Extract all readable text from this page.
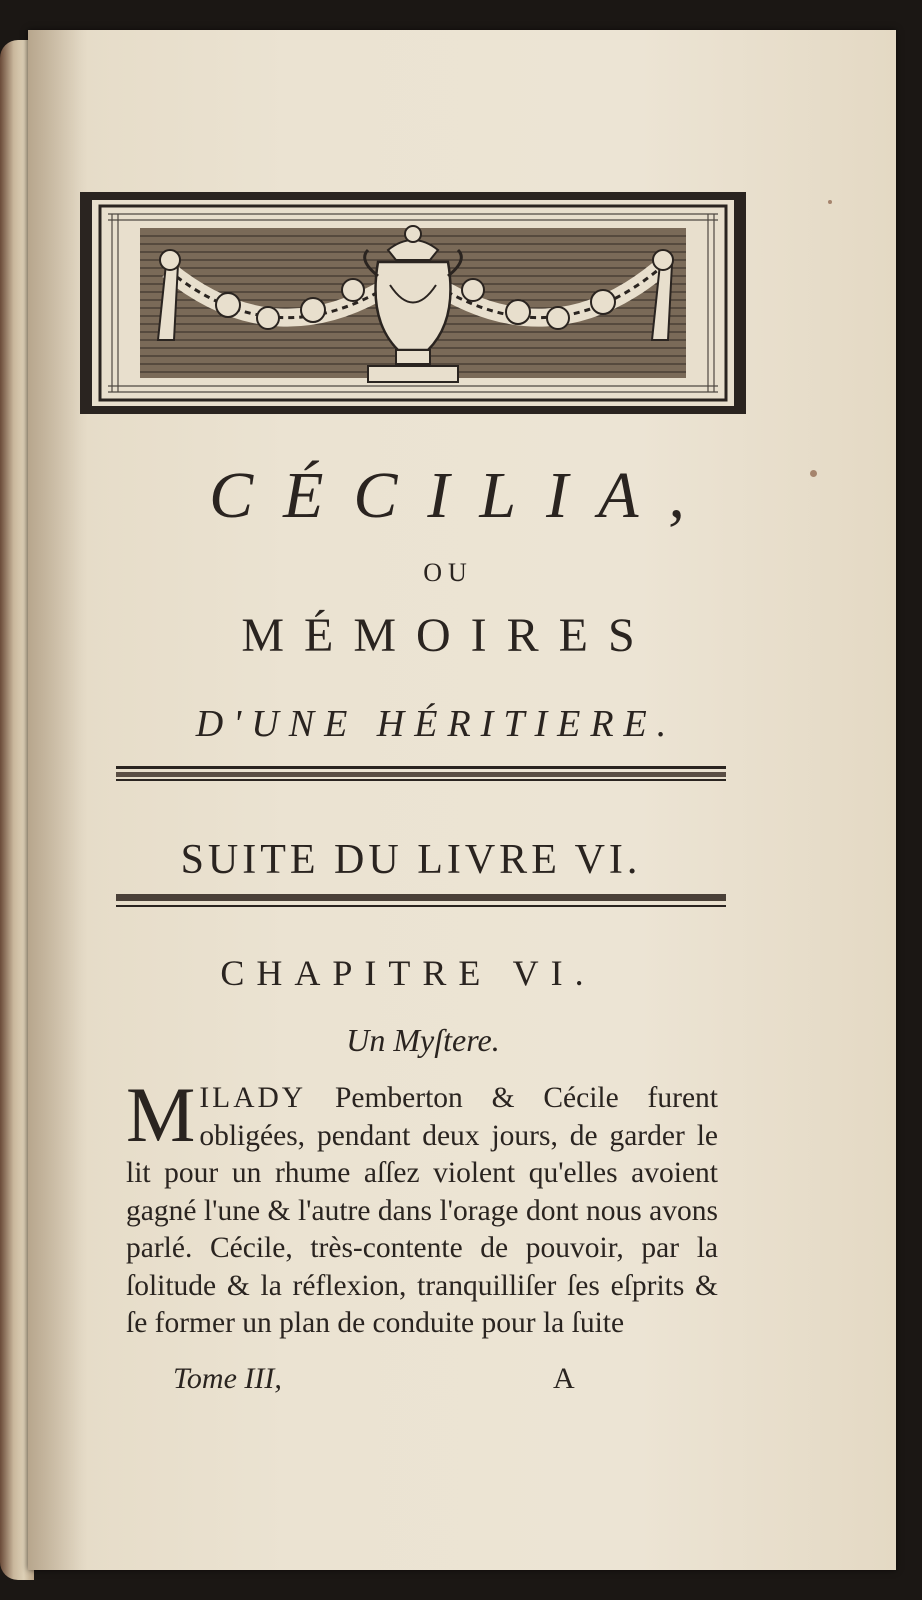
CÉCILIA,
OU
MÉMOIRES
D'UNE HÉRITIERE.
SUITE DU LIVRE VI.
CHAPITRE VI.
Un Myſtere.
MILADY Pemberton & Cécile furent obligées, pendant deux jours, de garder le lit pour un rhume aſſez violent qu'elles avoient gagné l'une & l'autre dans l'orage dont nous avons parlé. Cécile, très-contente de pouvoir, par la ſolitude & la réflexion, tranquilliſer ſes eſprits & ſe former un plan de conduite pour la ſuite
Tome III,	A
